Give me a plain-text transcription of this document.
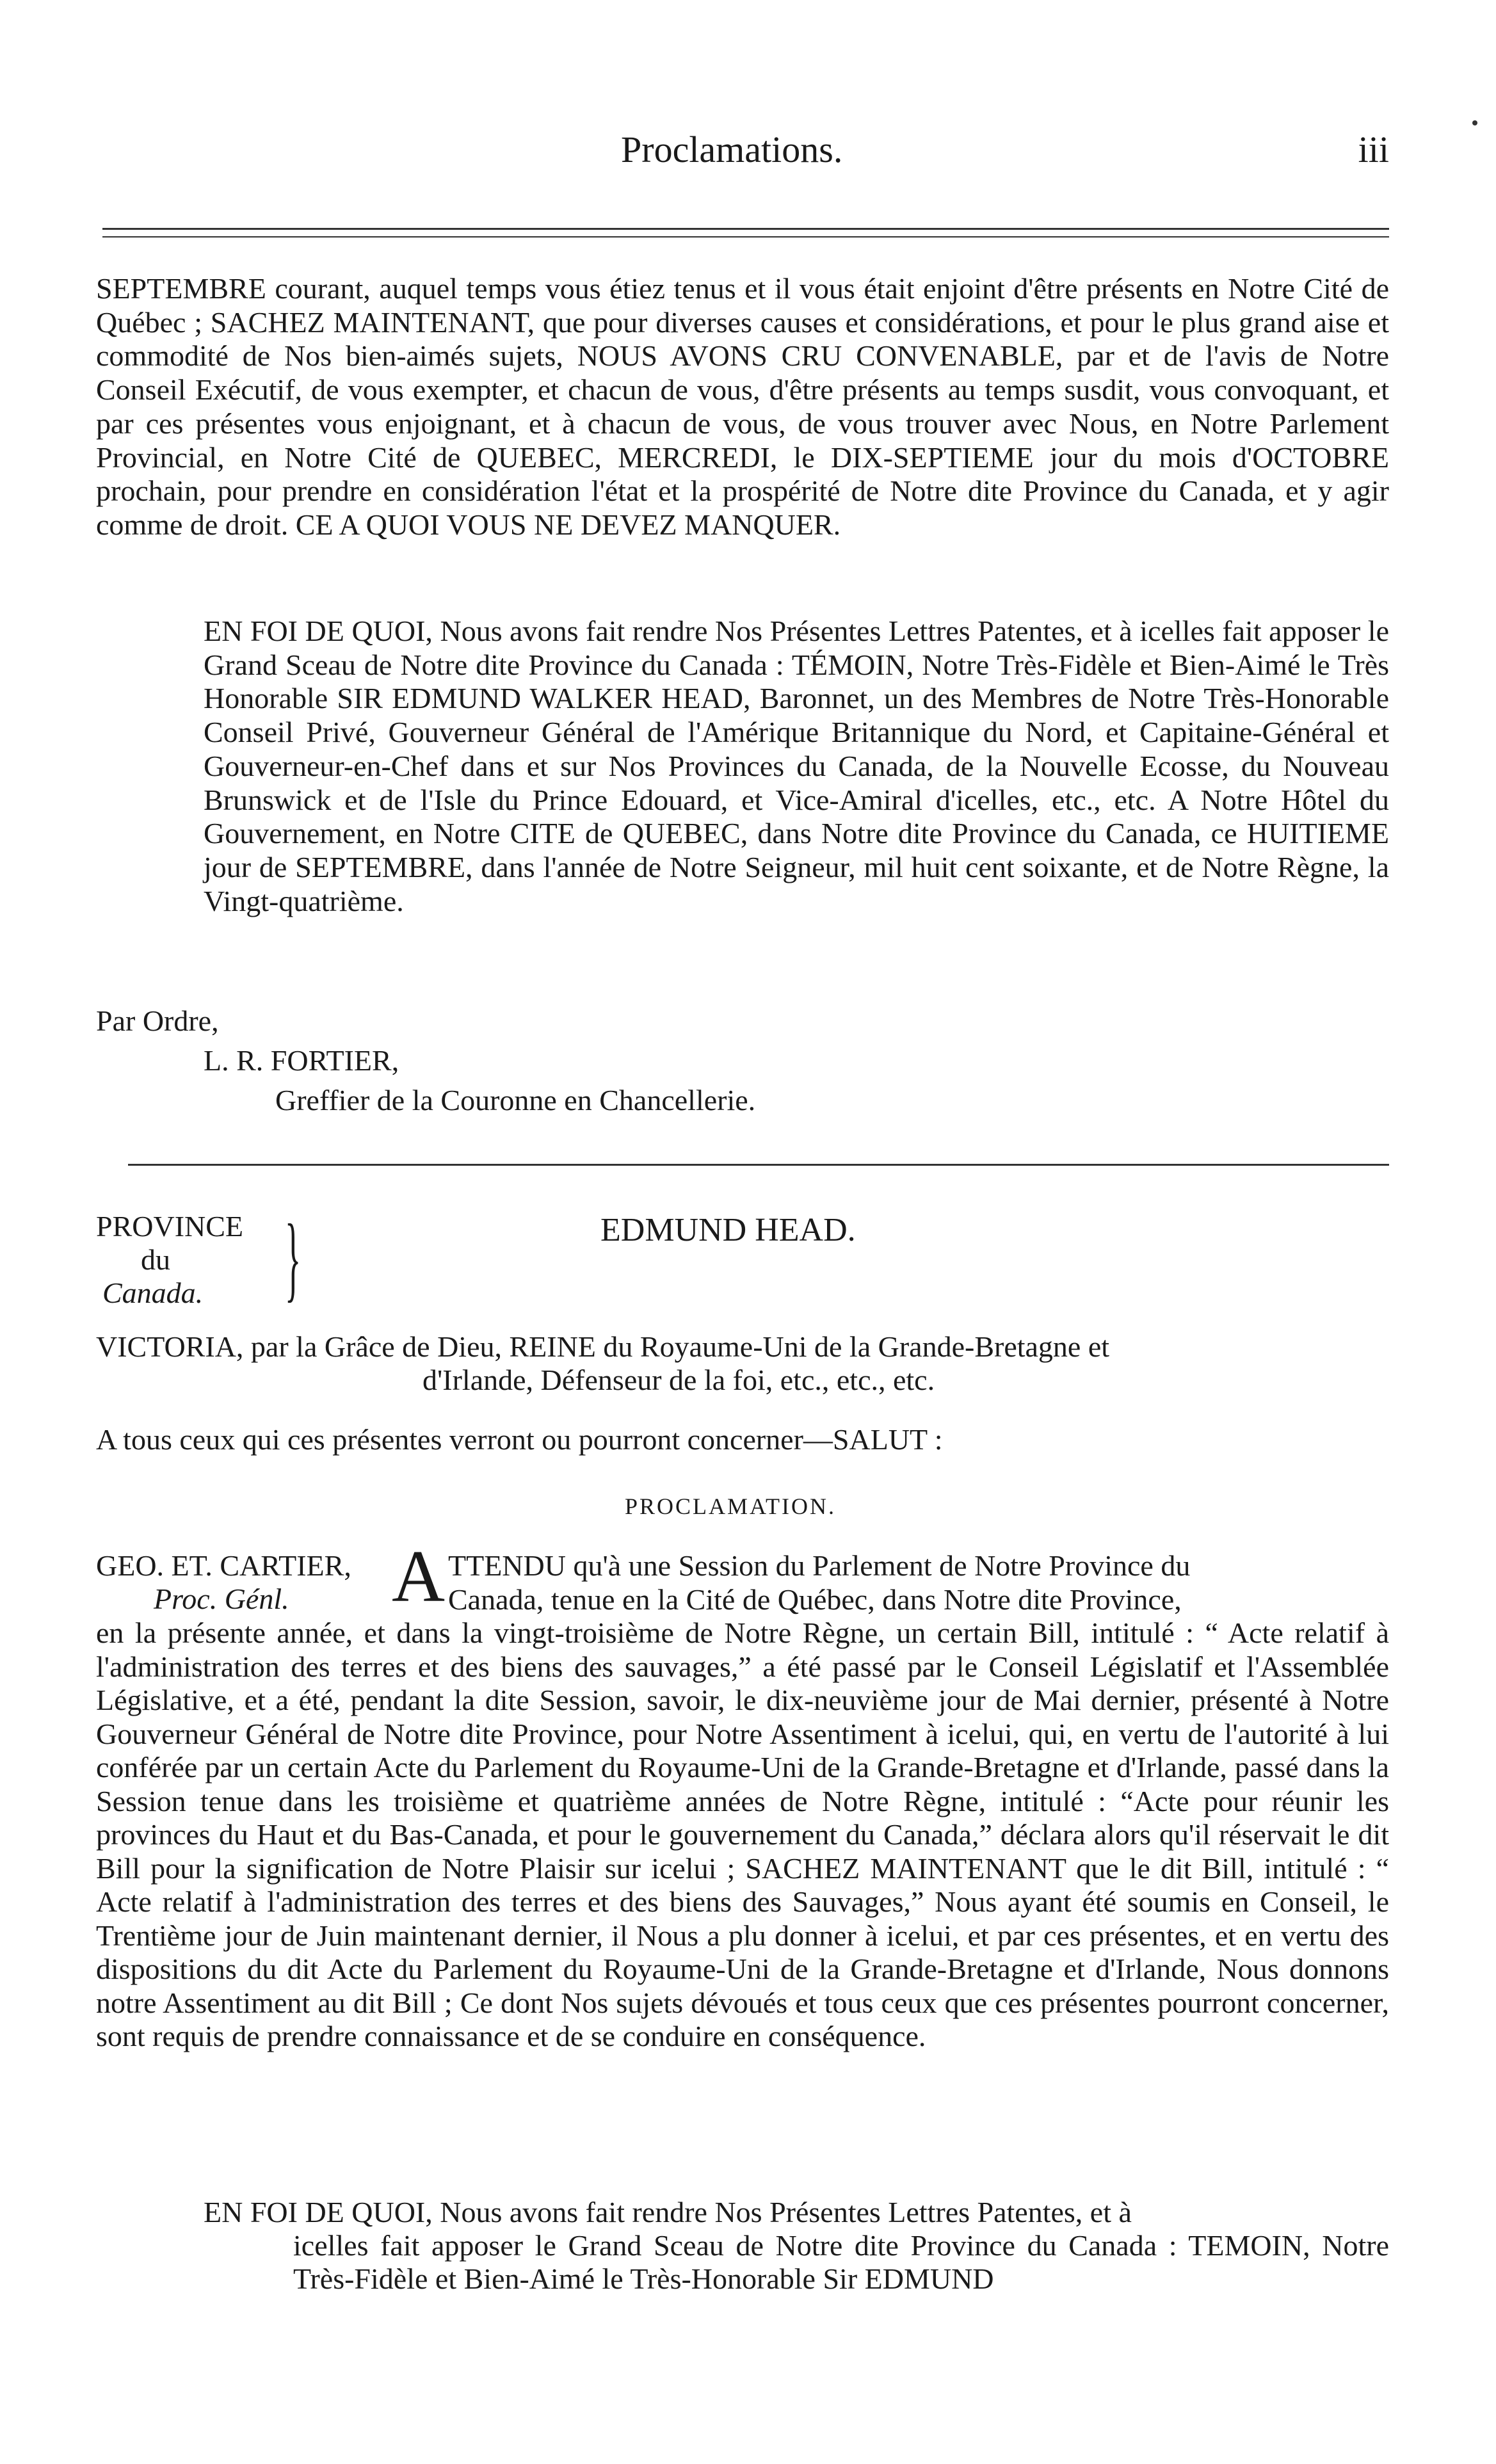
Proclamations.	iii
SEPTEMBRE courant, auquel temps vous étiez tenus et il vous était enjoint d'être présents en Notre Cité de Québec ; SACHEZ MAINTENANT, que pour diverses causes et considérations, et pour le plus grand aise et commodité de Nos bien-aimés sujets, NOUS AVONS CRU CONVENABLE, par et de l'avis de Notre Conseil Exécutif, de vous exempter, et chacun de vous, d'être présents au temps susdit, vous convoquant, et par ces présentes vous enjoignant, et à chacun de vous, de vous trouver avec Nous, en Notre Parlement Provincial, en Notre Cité de QUEBEC, MERCREDI, le DIX-SEPTIEME jour du mois d'OCTOBRE prochain, pour prendre en considération l'état et la prospérité de Notre dite Province du Canada, et y agir comme de droit. CE A QUOI VOUS NE DEVEZ MANQUER.
EN FOI DE QUOI, Nous avons fait rendre Nos Présentes Lettres Patentes, et à icelles fait apposer le Grand Sceau de Notre dite Province du Canada : TÉMOIN, Notre Très-Fidèle et Bien-Aimé le Très Honorable SIR EDMUND WALKER HEAD, Baronnet, un des Membres de Notre Très-Honorable Conseil Privé, Gouverneur Général de l'Amérique Britannique du Nord, et Capitaine-Général et Gouverneur-en-Chef dans et sur Nos Provinces du Canada, de la Nouvelle Ecosse, du Nouveau Brunswick et de l'Isle du Prince Edouard, et Vice-Amiral d'icelles, etc., etc. A Notre Hôtel du Gouvernement, en Notre CITE de QUEBEC, dans Notre dite Province du Canada, ce HUITIEME jour de SEPTEMBRE, dans l'année de Notre Seigneur, mil huit cent soixante, et de Notre Règne, la Vingt-quatrième.
Par Ordre,
L. R. FORTIER,
Greffier de la Couronne en Chancellerie.
PROVINCE
du
Canada. }	EDMUND HEAD.
VICTORIA, par la Grâce de Dieu, REINE du Royaume-Uni de la Grande-Bretagne et
d'Irlande, Défenseur de la foi, etc., etc., etc.
A tous ceux qui ces présentes verront ou pourront concerner—SALUT :
PROCLAMATION.
GEO. ET. CARTIER,
Proc. Génl.	A TTENDU qu'à une Session du Parlement de Notre Province du
Canada, tenue en la Cité de Québec, dans Notre dite Province,
en la présente année, et dans la vingt-troisième de Notre Règne, un certain Bill, intitulé : “ Acte relatif à l'administration des terres et des biens des sauvages,” a été passé par le Conseil Législatif et l'Assemblée Législative, et a été, pendant la dite Session, savoir, le dix-neuvième jour de Mai dernier, présenté à Notre Gouverneur Général de Notre dite Province, pour Notre Assentiment à icelui, qui, en vertu de l'autorité à lui conférée par un certain Acte du Parlement du Royaume-Uni de la Grande-Bretagne et d'Irlande, passé dans la Session tenue dans les troisième et quatrième années de Notre Règne, intitulé : “Acte pour réunir les provinces du Haut et du Bas-Canada, et pour le gouvernement du Canada,” déclara alors qu'il réservait le dit Bill pour la signification de Notre Plaisir sur icelui ; SACHEZ MAINTENANT que le dit Bill, intitulé : “ Acte relatif à l'administration des terres et des biens des Sauvages,” Nous ayant été soumis en Conseil, le Trentième jour de Juin maintenant dernier, il Nous a plu donner à icelui, et par ces présentes, et en vertu des dispositions du dit Acte du Parlement du Royaume-Uni de la Grande-Bretagne et d'Irlande, Nous donnons notre Assentiment au dit Bill ; Ce dont Nos sujets dévoués et tous ceux que ces présentes pourront concerner, sont requis de prendre connaissance et de se conduire en conséquence.
EN FOI DE QUOI, Nous avons fait rendre Nos Présentes Lettres Patentes, et à
icelles fait apposer le Grand Sceau de Notre dite Province du Canada : TEMOIN, Notre Très-Fidèle et Bien-Aimé le Très-Honorable Sir EDMUND
